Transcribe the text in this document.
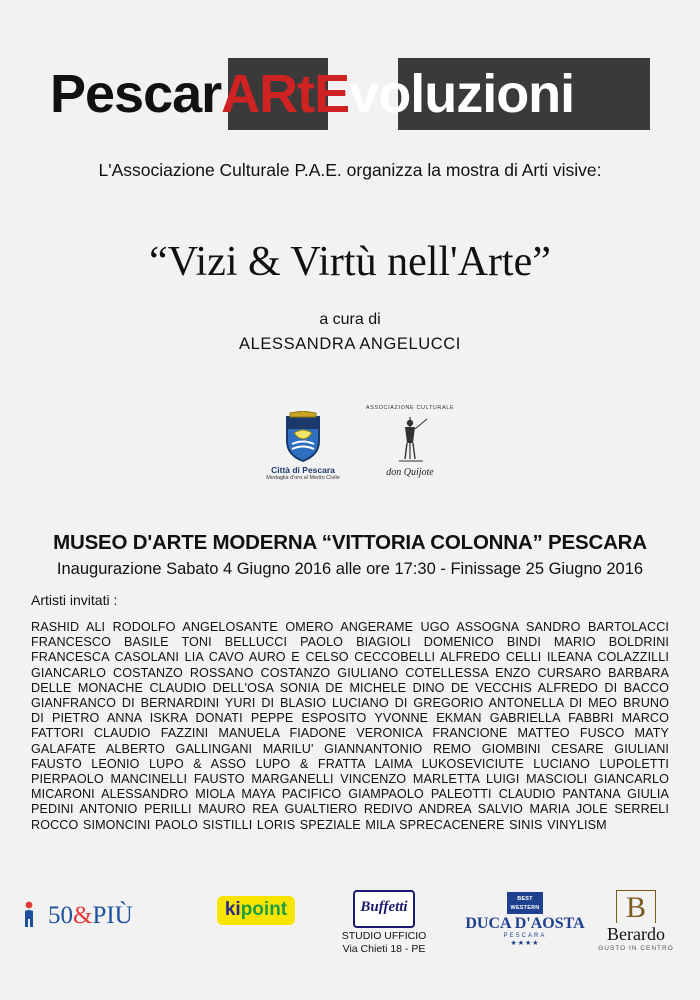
PescarARtEvoluzioni
L'Associazione Culturale P.A.E. organizza la mostra di Arti visive:
“Vizi & Virtù nell'Arte”
a cura di
ALESSANDRA ANGELUCCI
Città di Pescara
Medaglia d'oro al Merito Civile
ASSOCIAZIONE CULTURALE
don Quijote
MUSEO D'ARTE MODERNA “VITTORIA COLONNA” PESCARA
Inaugurazione Sabato 4 Giugno 2016 alle ore 17:30 - Finissage 25 Giugno 2016
Artisti invitati :
RASHID ALI RODOLFO ANGELOSANTE OMERO ANGERAME UGO ASSOGNA SANDRO BARTOLACCI FRANCESCO BASILE TONI BELLUCCI PAOLO BIAGIOLI DOMENICO BINDI MARIO BOLDRINI FRANCESCA CASOLANI LIA CAVO AURO E CELSO CECCOBELLI ALFREDO CELLI ILEANA COLAZZILLI GIANCARLO COSTANZO ROSSANO COSTANZO GIULIANO COTELLESSA ENZO CURSARO BARBARA DELLE MONACHE CLAUDIO DELL'OSA SONIA DE MICHELE DINO DE VECCHIS ALFREDO DI BACCO GIANFRANCO DI BERNARDINI YURI DI BLASIO LUCIANO DI GREGORIO ANTONELLA DI MEO BRUNO DI PIETRO ANNA ISKRA DONATI PEPPE ESPOSITO YVONNE EKMAN GABRIELLA FABBRI MARCO FATTORI CLAUDIO FAZZINI MANUELA FIADONE VERONICA FRANCIONE MATTEO FUSCO MATY GALAFATE ALBERTO GALLINGANI MARILU' GIANNANTONIO REMO GIOMBINI CESARE GIULIANI FAUSTO LEONIO LUPO & ASSO LUPO & FRATTA LAIMA LUKOSEVICIUTE LUCIANO LUPOLETTI PIERPAOLO MANCINELLI FAUSTO MARGANELLI VINCENZO MARLETTA LUIGI MASCIOLI GIANCARLO MICARONI ALESSANDRO MIOLA MAYA PACIFICO GIAMPAOLO PALEOTTI CLAUDIO PANTANA GIULIA PEDINI ANTONIO PERILLI MAURO REA GUALTIERO REDIVO ANDREA SALVIO MARIA JOLE SERRELI ROCCO SIMONCINI PAOLO SISTILLI LORIS SPEZIALE MILA SPRECACENERE SINIS VINYLISM
50&PIÙ	kipoint	Buffetti
STUDIO UFFICIO
Via Chieti 18 - PE
BEST WESTERN
DUCA D'AOSTA
PESCARA
★★★★
B
Berardo
GUSTO IN CENTRO
